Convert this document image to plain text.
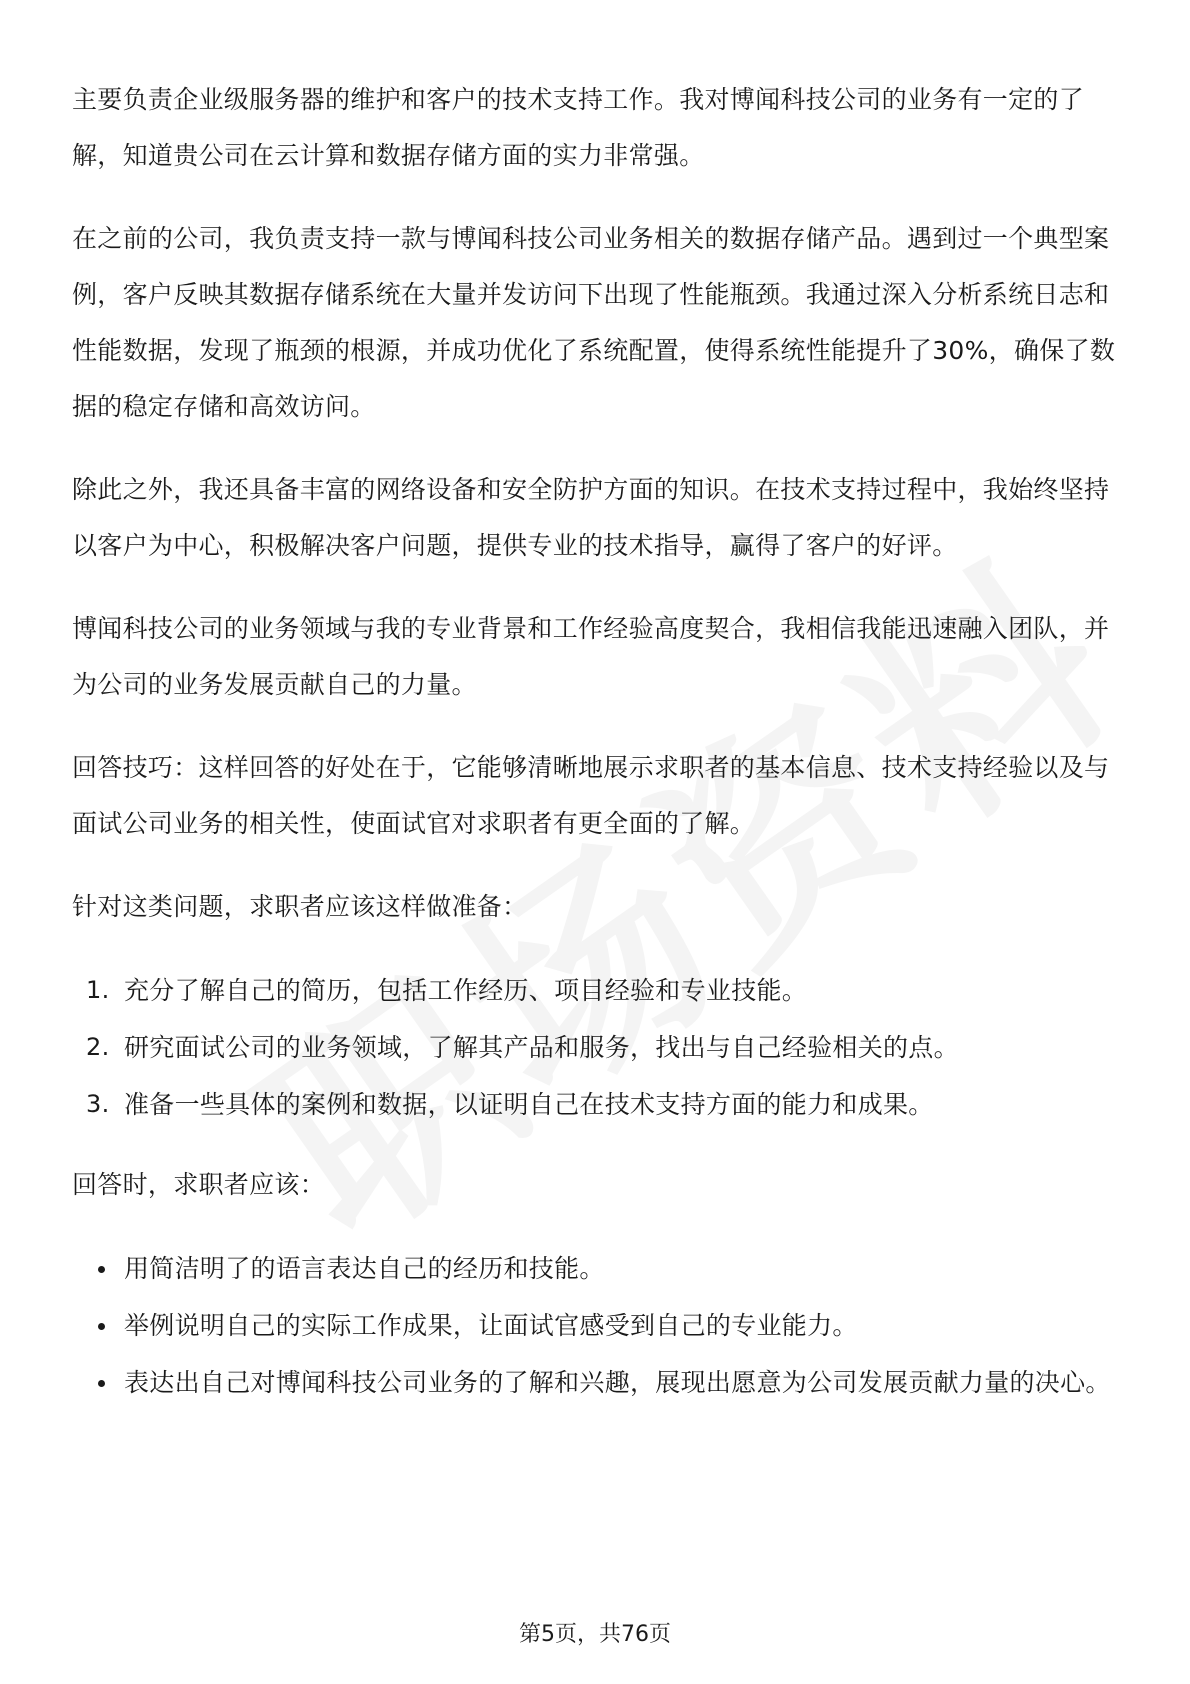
主要负责企业级服务器的维护和客户的技术支持工作。我对博闻科技公司的业务有一定的了解，知道贵公司在云计算和数据存储方面的实力非常强。

在之前的公司，我负责支持一款与博闻科技公司业务相关的数据存储产品。遇到过一个典型案例，客户反映其数据存储系统在大量并发访问下出现了性能瓶颈。我通过深入分析系统日志和性能数据，发现了瓶颈的根源，并成功优化了系统配置，使得系统性能提升了30%，确保了数据的稳定存储和高效访问。

除此之外，我还具备丰富的网络设备和安全防护方面的知识。在技术支持过程中，我始终坚持以客户为中心，积极解决客户问题，提供专业的技术指导，赢得了客户的好评。

博闻科技公司的业务领域与我的专业背景和工作经验高度契合，我相信我能迅速融入团队，并为公司的业务发展贡献自己的力量。

回答技巧：这样回答的好处在于，它能够清晰地展示求职者的基本信息、技术支持经验以及与面试公司业务的相关性，使面试官对求职者有更全面的了解。

针对这类问题，求职者应该这样做准备：

1. 充分了解自己的简历，包括工作经历、项目经验和专业技能。
2. 研究面试公司的业务领域，了解其产品和服务，找出与自己经验相关的点。
3. 准备一些具体的案例和数据，以证明自己在技术支持方面的能力和成果。

回答时，求职者应该：

用简洁明了的语言表达自己的经历和技能。
举例说明自己的实际工作成果，让面试官感受到自己的专业能力。
表达出自己对博闻科技公司业务的了解和兴趣，展现出愿意为公司发展贡献力量的决心。
第5页，共76页
